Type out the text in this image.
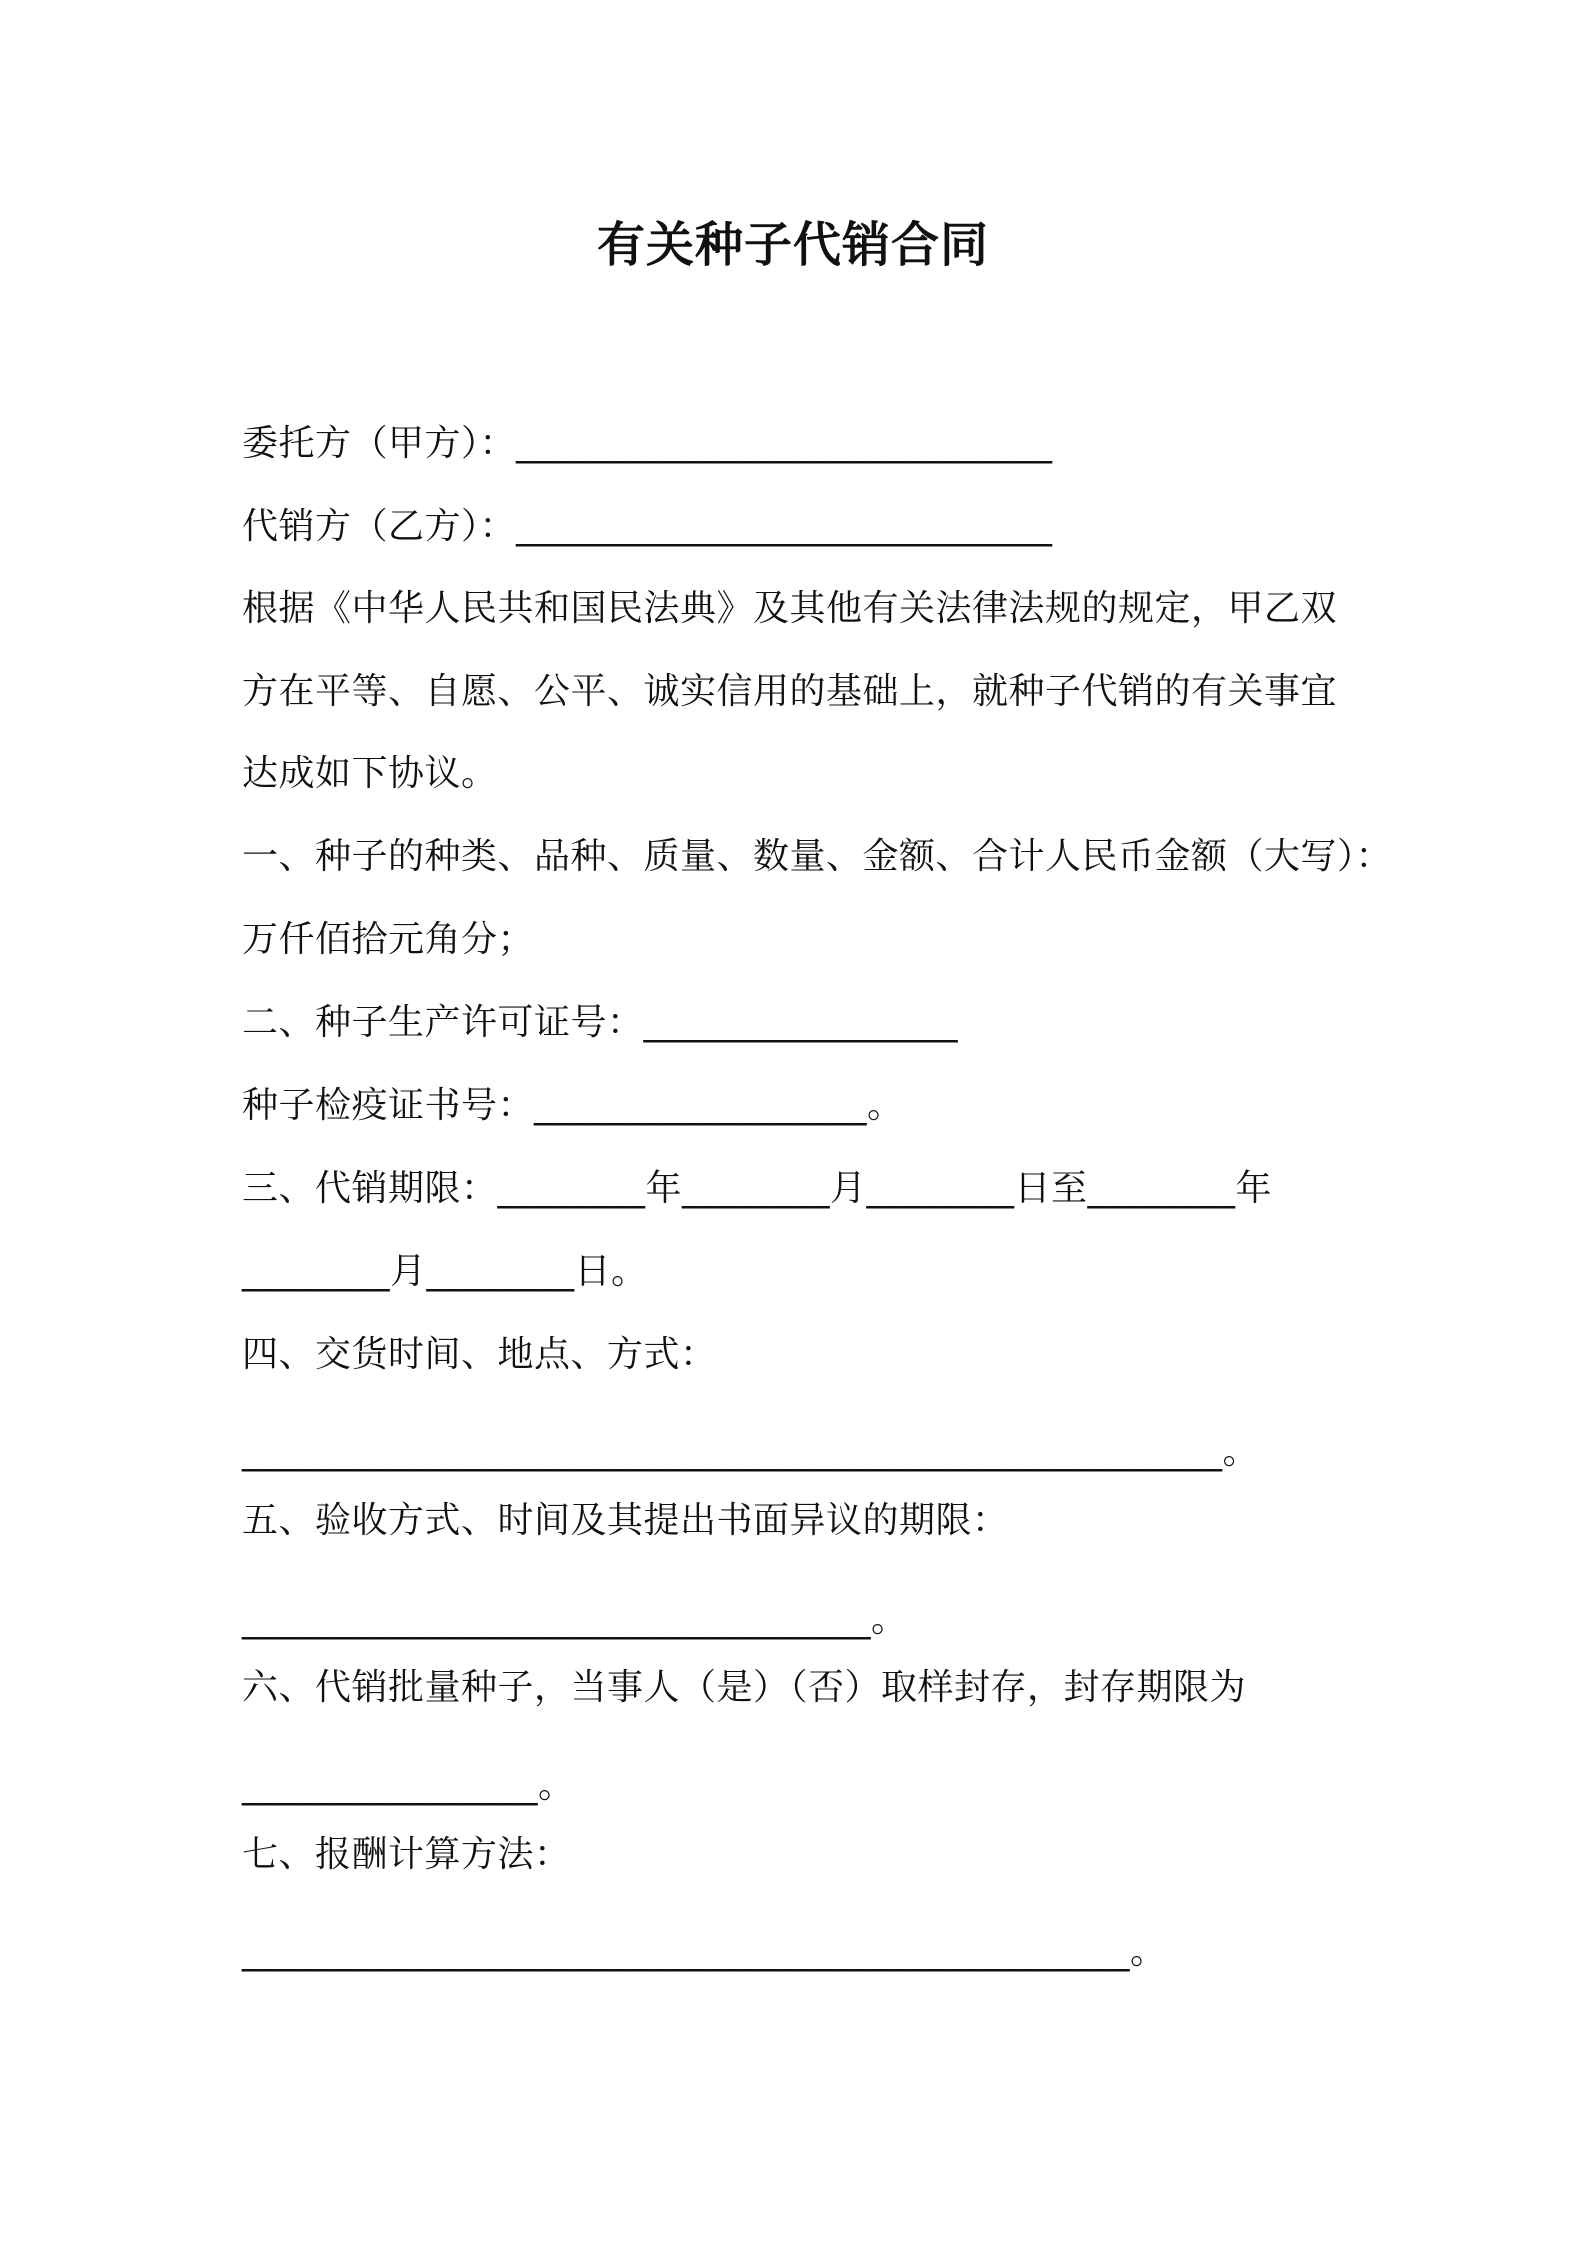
有关种子代销合同
委托方（甲方）：_____________________________
代销方（乙方）：_____________________________
根据《中华人民共和国民法典》及其他有关法律法规的规定，甲乙双
方在平等、自愿、公平、诚实信用的基础上，就种子代销的有关事宜
达成如下协议。
一、种子的种类、品种、质量、数量、金额、合计人民币金额（大写）：
万仟佰拾元角分；
二、种子生产许可证号：_________________
种子检疫证书号：__________________。
三、代销期限：________年________月________日至________年
________月________日。
四、交货时间、地点、方式：
_____________________________________________________。
五、验收方式、时间及其提出书面异议的期限：
__________________________________。
六、代销批量种子，当事人（是）（否）取样封存，封存期限为
________________。
七、报酬计算方法：
________________________________________________。
